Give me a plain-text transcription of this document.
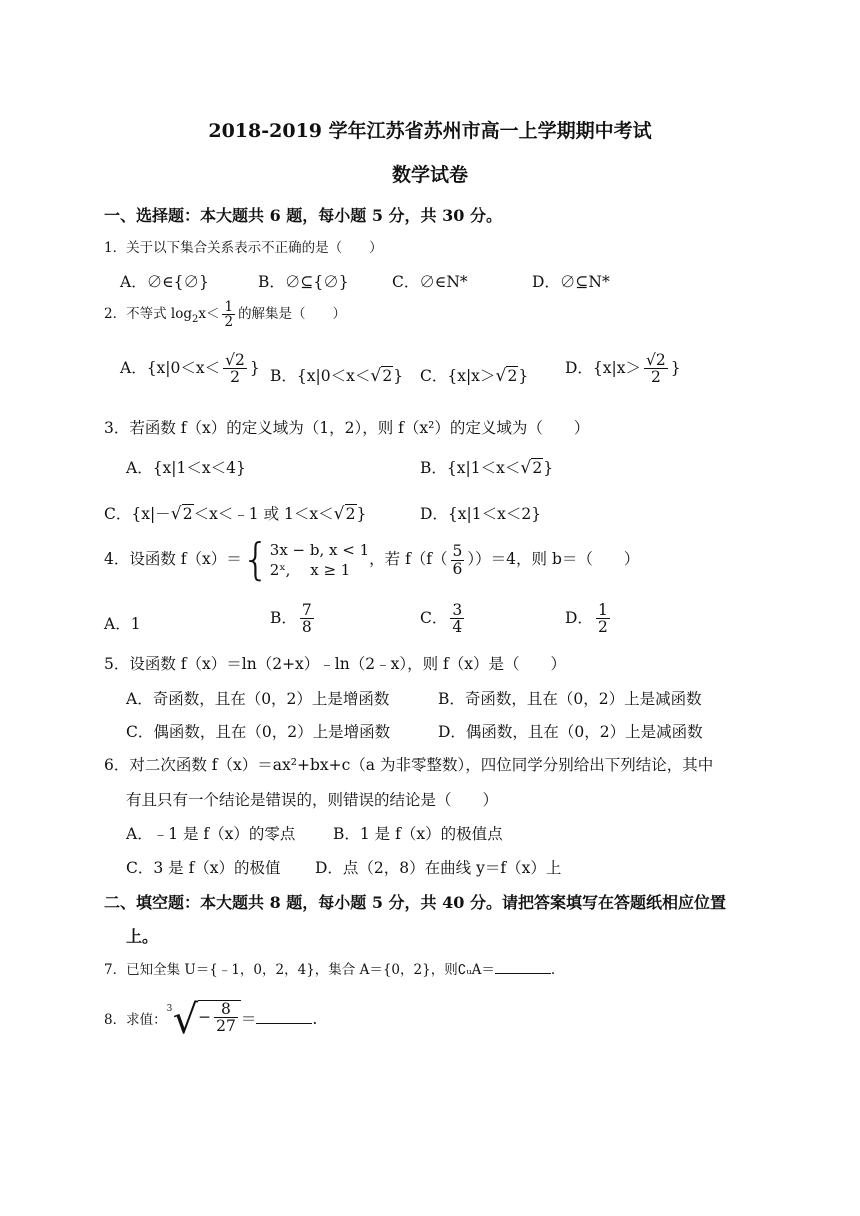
2018-2019 学年江苏省苏州市高一上学期期中考试
数学试卷
一、选择题：本大题共 6 题，每小题 5 分，共 30 分。
1．关于以下集合关系表示不正确的是（　　）
A．∅∈{∅}	B．∅⊆{∅}	C．∅∈N*	D．∅⊆N*
2．不等式 $\log_2x< \frac{1}{2}$ 的解集是（　　）
A．{$x|0<x< \frac{√2}{2}$ } B．{x|0＜x＜ √ 2} C．{x|x＞ √ 2} D．{$x|x> \frac{√2}{2}$ }
3．若函数 f（x）的定义域为（1，2），则 f（x²）的定义域为（　　）
A．{x|1＜x＜4}	B．{x|1＜x＜ √ 2}
C．{x|－ √ 2＜x＜﹣1 或 1＜x＜ √ 2}	D．{x|1＜x＜2}
4．设函数 f（x）＝{ 3x − b, x < 1
2ˣ,　 x ≥ 1
，若 $f(f( \frac{5}{6} ))=4$，则 b＝（　　）
A．1	B． $\frac{7}{8}$	C． $\frac{3}{4}$	D． $\frac{1}{2}$
5．设函数 f（x）＝ln（2+x）﹣ln（2﹣x），则 f（x）是（　　）
A．奇函数，且在（0，2）上是增函数	B．奇函数，且在（0，2）上是减函数
C．偶函数，且在（0，2）上是增函数	D．偶函数，且在（0，2）上是减函数
6．对二次函数 f（x）＝ax²+bx+c（a 为非零整数），四位同学分别给出下列结论，其中
有且只有一个结论是错误的，则错误的结论是（　　）
A．﹣1 是 f（x）的零点 B．1 是 f（x）的极值点
C．3 是 f（x）的极值 D．点（2，8）在曲线 y＝f（x）上
二、填空题：本大题共 8 题，每小题 5 分，共 40 分。请把答案填写在答题纸相应位置
上。
7．已知全集 U＝{﹣1，0，2，4}，集合 A＝{0，2}，则∁ᵤA＝	.
8．求值：
3 √− $\frac{8}{27}$ ＝	.
